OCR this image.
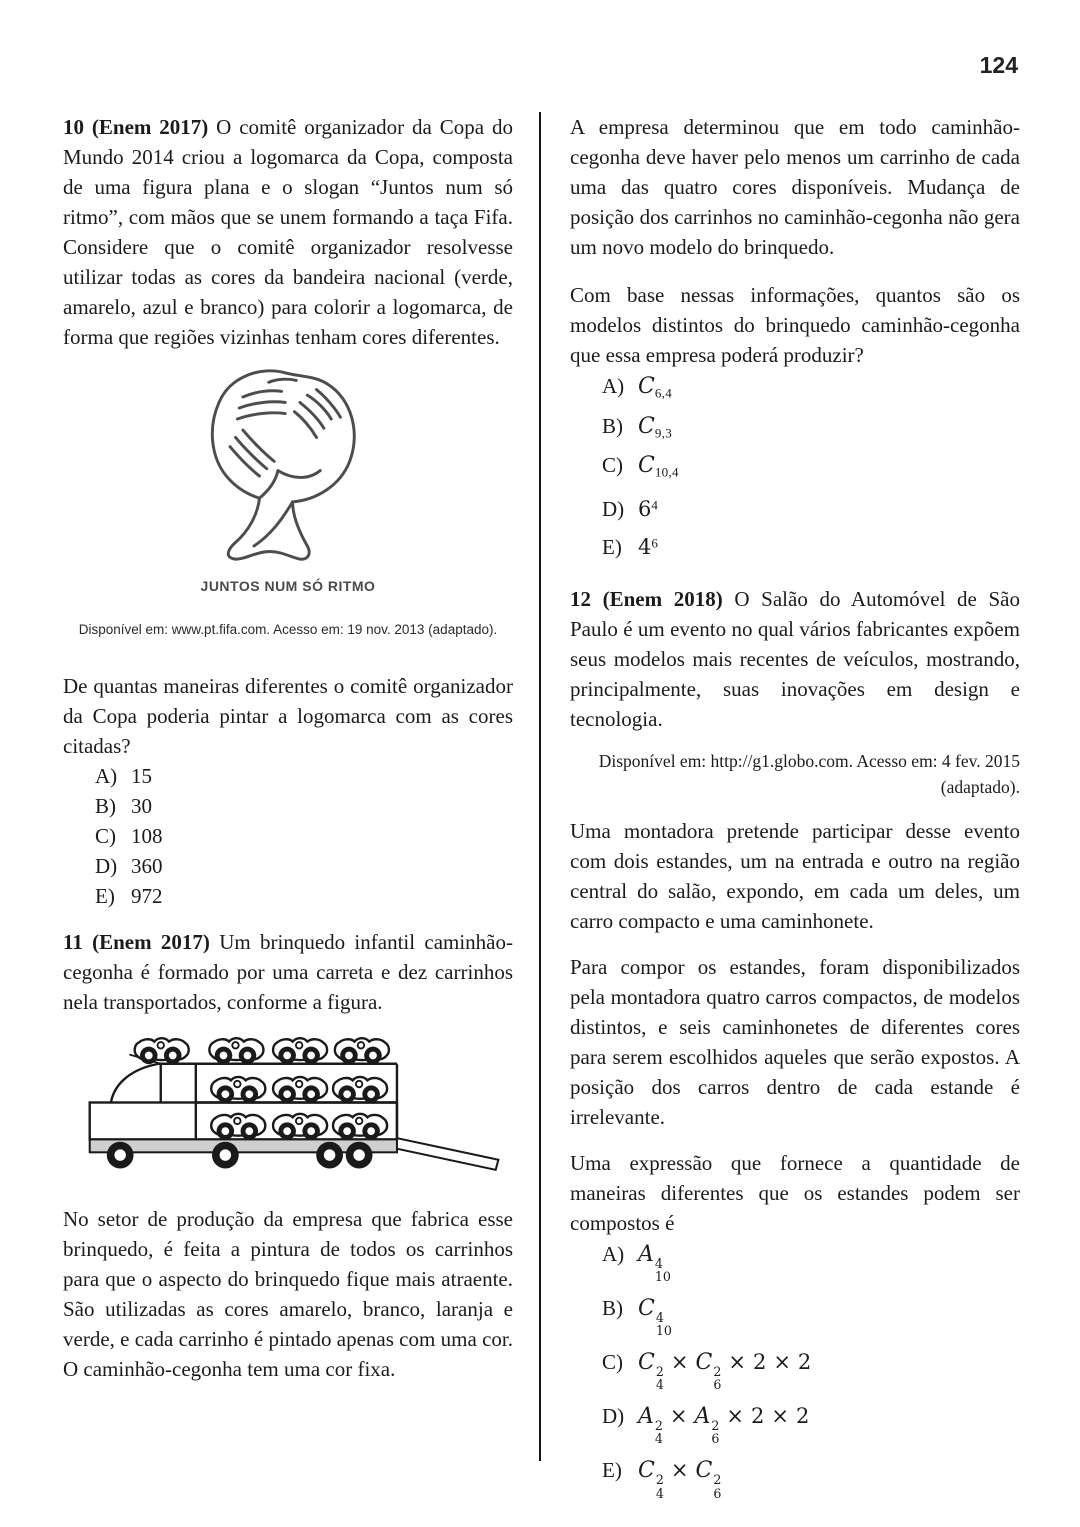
124

10 (Enem 2017) O comitê organizador da Copa do Mundo 2014 criou a logomarca da Copa, composta de uma figura plana e o slogan “Juntos num só ritmo”, com mãos que se unem formando a taça Fifa. Considere que o comitê organizador resolvesse utilizar todas as cores da bandeira nacional (verde, amarelo, azul e branco) para colorir a logomarca, de forma que regiões vizinhas tenham cores diferentes.

JUNTOS NUM SÓ RITMO
Disponível em: www.pt.fifa.com. Acesso em: 19 nov. 2013 (adaptado).

De quantas maneiras diferentes o comitê organizador da Copa poderia pintar a logomarca com as cores citadas?

A) 15
B) 30
C) 108
D) 360
E) 972

11 (Enem 2017) Um brinquedo infantil caminhão-cegonha é formado por uma carreta e dez carrinhos nela transportados, conforme a figura.

No setor de produção da empresa que fabrica esse brinquedo, é feita a pintura de todos os carrinhos para que o aspecto do brinquedo fique mais atraente. São utilizadas as cores amarelo, branco, laranja e verde, e cada carrinho é pintado apenas com uma cor. O caminhão-cegonha tem uma cor fixa.

A empresa determinou que em todo caminhão-cegonha deve haver pelo menos um carrinho de cada uma das quatro cores disponíveis. Mudança de posição dos carrinhos no caminhão-cegonha não gera um novo modelo do brinquedo.

Com base nessas informações, quantos são os modelos distintos do brinquedo caminhão-cegonha que essa empresa poderá produzir?

A) $C_{6,4}$
B) $C_{9,3}$
C) $C_{10,4}$
D) $6^4$
E) $4^6$

12 (Enem 2018) O Salão do Automóvel de São Paulo é um evento no qual vários fabricantes expõem seus modelos mais recentes de veículos, mostrando, principalmente, suas inovações em design e tecnologia.

Disponível em: http://g1.globo.com. Acesso em: 4 fev. 2015
(adaptado).

Uma montadora pretende participar desse evento com dois estandes, um na entrada e outro na região central do salão, expondo, em cada um deles, um carro compacto e uma caminhonete.

Para compor os estandes, foram disponibilizados pela montadora quatro carros compactos, de modelos distintos, e seis caminhonetes de diferentes cores para serem escolhidos aqueles que serão expostos. A posição dos carros dentro de cada estande é irrelevante.

Uma expressão que fornece a quantidade de maneiras diferentes que os estandes podem ser compostos é

A) A 4
10
B) C 4
10
C) C 2
4
× C 2
6
× 2 × 2
D) A 2
4
× A 2
6
× 2 × 2
E) C 2
4
× C 2
6
